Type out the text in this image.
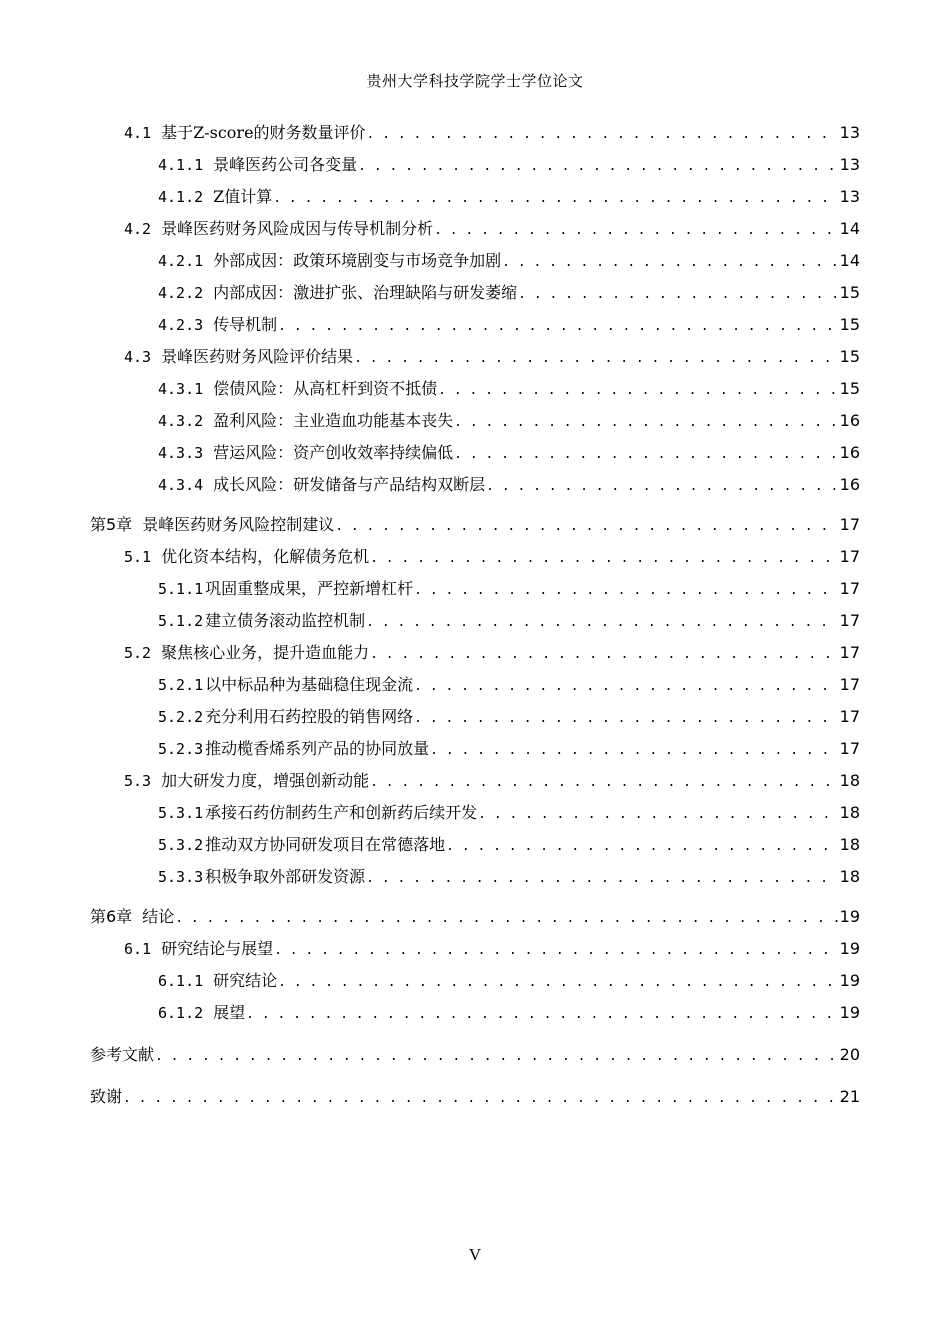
贵州大学科技学院学士学位论文
4.1 基于Z-score的财务数量评价 . . .	13
4.1.1 景峰医药公司各变量 . . .	13
4.1.2 Z值计算 . . .	13
4.2 景峰医药财务风险成因与传导机制分析 . . .	14
4.2.1 外部成因：政策环境剧变与市场竞争加剧 . . .	14
4.2.2 内部成因：激进扩张、治理缺陷与研发萎缩 . . .	15
4.2.3 传导机制 . . .	15
4.3 景峰医药财务风险评价结果 . . .	15
4.3.1 偿债风险：从高杠杆到资不抵债 . . .	15
4.3.2 盈利风险：主业造血功能基本丧失 . . .	16
4.3.3 营运风险：资产创收效率持续偏低 . . .	16
4.3.4 成长风险：研发储备与产品结构双断层 . . .	16
第5章 景峰医药财务风险控制建议 . . .	17
5.1 优化资本结构，化解债务危机 . . .	17
5.1.1 巩固重整成果，严控新增杠杆 . . .	17
5.1.2 建立债务滚动监控机制 . . .	17
5.2 聚焦核心业务，提升造血能力 . . .	17
5.2.1 以中标品种为基础稳住现金流 . . .	17
5.2.2 充分利用石药控股的销售网络 . . .	17
5.2.3 推动榄香烯系列产品的协同放量 . . .	17
5.3 加大研发力度，增强创新动能 . . .	18
5.3.1 承接石药仿制药生产和创新药后续开发 . . .	18
5.3.2 推动双方协同研发项目在常德落地 . . .	18
5.3.3 积极争取外部研发资源 . . .	18
第6章 结论 . . .	19
6.1 研究结论与展望 . . .	19
6.1.1 研究结论 . . .	19
6.1.2 展望 . . .	19
参考文献 . . .	20
致谢 . . .	21
V
